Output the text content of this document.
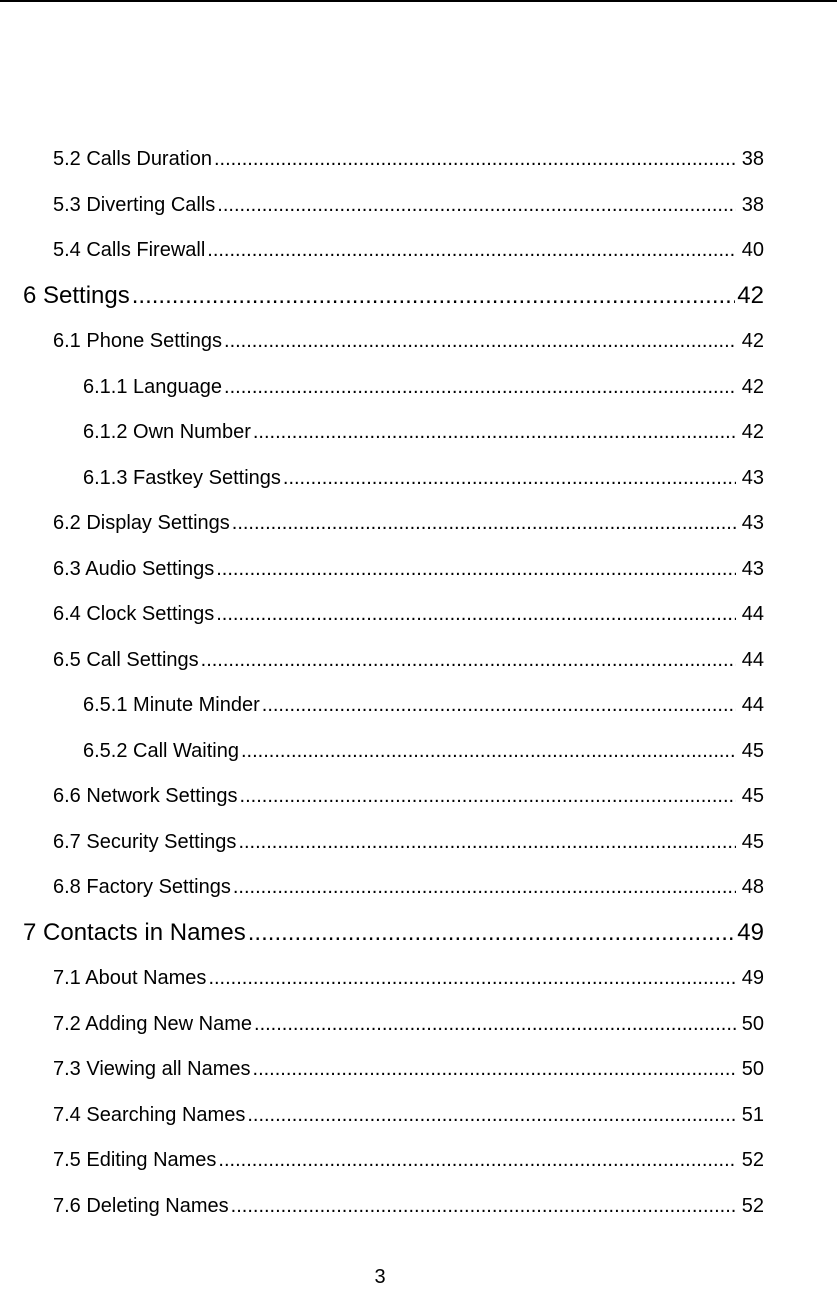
5.2 Calls Duration .....	38
5.3 Diverting Calls .....	38
5.4 Calls Firewall .....	40
6 Settings .....	42
6.1 Phone Settings .....	42
6.1.1 Language .....	42
6.1.2 Own Number .....	42
6.1.3 Fastkey Settings .....	43
6.2 Display Settings .....	43
6.3 Audio Settings .....	43
6.4 Clock Settings .....	44
6.5 Call Settings .....	44
6.5.1 Minute Minder .....	44
6.5.2 Call Waiting .....	45
6.6 Network Settings .....	45
6.7 Security Settings .....	45
6.8 Factory Settings .....	48
7 Contacts in Names .....	49
7.1 About Names .....	49
7.2 Adding New Name .....	50
7.3 Viewing all Names .....	50
7.4 Searching Names .....	51
7.5 Editing Names .....	52
7.6 Deleting Names .....	52
3
